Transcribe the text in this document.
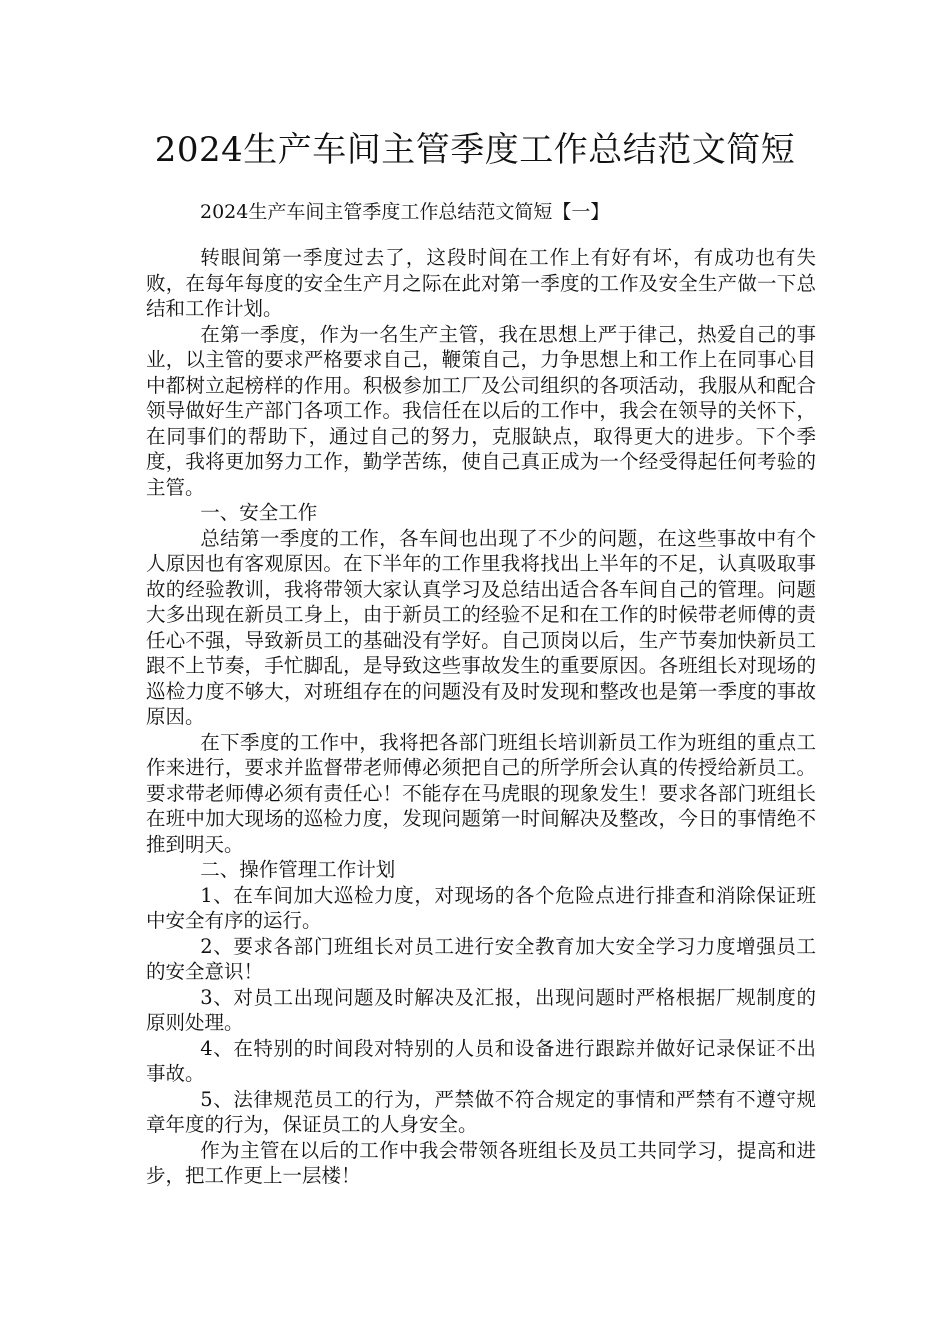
2024生产车间主管季度工作总结范文简短
2024生产车间主管季度工作总结范文简短【一】

转眼间第一季度过去了，这段时间在工作上有好有坏，有成功也有失败，在每年每度的安全生产月之际在此对第一季度的工作及安全生产做一下总结和工作计划。

在第一季度，作为一名生产主管，我在思想上严于律己，热爱自己的事业，以主管的要求严格要求自己，鞭策自己，力争思想上和工作上在同事心目中都树立起榜样的作用。积极参加工厂及公司组织的各项活动，我服从和配合领导做好生产部门各项工作。我信任在以后的工作中，我会在领导的关怀下，在同事们的帮助下，通过自己的努力，克服缺点，取得更大的进步。下个季度，我将更加努力工作，勤学苦练，使自己真正成为一个经受得起任何考验的主管。

一、安全工作

总结第一季度的工作，各车间也出现了不少的问题，在这些事故中有个人原因也有客观原因。在下半年的工作里我将找出上半年的不足，认真吸取事故的经验教训，我将带领大家认真学习及总结出适合各车间自己的管理。问题大多出现在新员工身上，由于新员工的经验不足和在工作的时候带老师傅的责任心不强，导致新员工的基础没有学好。自己顶岗以后，生产节奏加快新员工跟不上节奏，手忙脚乱，是导致这些事故发生的重要原因。各班组长对现场的巡检力度不够大，对班组存在的问题没有及时发现和整改也是第一季度的事故原因。

在下季度的工作中，我将把各部门班组长培训新员工作为班组的重点工作来进行，要求并监督带老师傅必须把自己的所学所会认真的传授给新员工。要求带老师傅必须有责任心！不能存在马虎眼的现象发生！要求各部门班组长在班中加大现场的巡检力度，发现问题第一时间解决及整改，今日的事情绝不推到明天。

二、操作管理工作计划

1、在车间加大巡检力度，对现场的各个危险点进行排查和消除保证班中安全有序的运行。

2、要求各部门班组长对员工进行安全教育加大安全学习力度增强员工的安全意识！

3、对员工出现问题及时解决及汇报，出现问题时严格根据厂规制度的原则处理。

4、在特别的时间段对特别的人员和设备进行跟踪并做好记录保证不出事故。

5、法律规范员工的行为，严禁做不符合规定的事情和严禁有不遵守规章年度的行为，保证员工的人身安全。

作为主管在以后的工作中我会带领各班组长及员工共同学习，提高和进步，把工作更上一层楼！
